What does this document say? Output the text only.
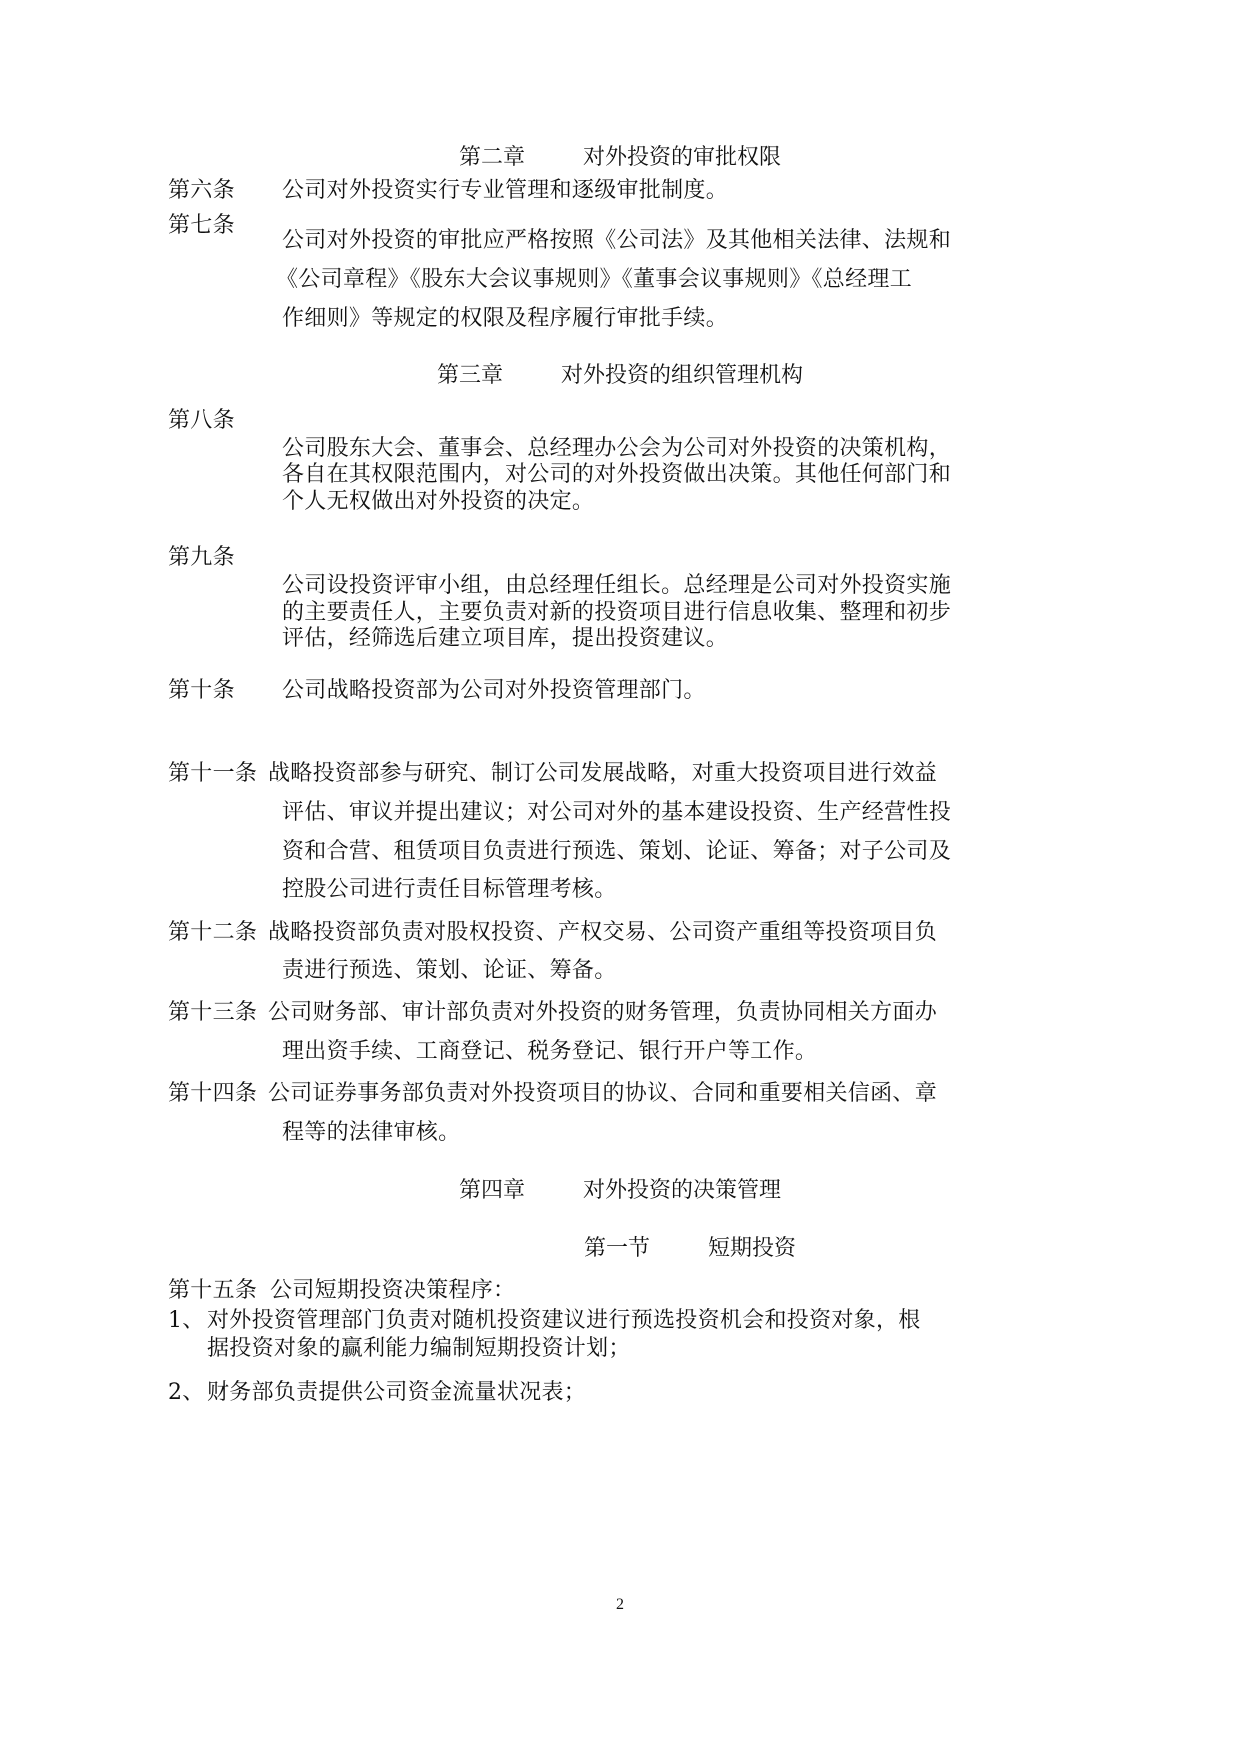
第二章	对外投资的审批权限
第六条 公司对外投资实行专业管理和逐级审批制度。
第七条
公司对外投资的审批应严格按照《公司法》及其他相关法律、法规和
《公司章程》《股东大会议事规则》《董事会议事规则》《总经理工
作细则》等规定的权限及程序履行审批手续。
第三章	对外投资的组织管理机构
第八条
公司股东大会、董事会、总经理办公会为公司对外投资的决策机构，
各自在其权限范围内，对公司的对外投资做出决策。其他任何部门和
个人无权做出对外投资的决定。
第九条
公司设投资评审小组，由总经理任组长。总经理是公司对外投资实施
的主要责任人，主要负责对新的投资项目进行信息收集、整理和初步
评估，经筛选后建立项目库，提出投资建议。
第十条 公司战略投资部为公司对外投资管理部门。
第十一条 战略投资部参与研究、制订公司发展战略，对重大投资项目进行效益
评估、审议并提出建议；对公司对外的基本建设投资、生产经营性投
资和合营、租赁项目负责进行预选、策划、论证、筹备；对子公司及
控股公司进行责任目标管理考核。
第十二条 战略投资部负责对股权投资、产权交易、公司资产重组等投资项目负
责进行预选、策划、论证、筹备。
第十三条 公司财务部、审计部负责对外投资的财务管理，负责协同相关方面办
理出资手续、工商登记、税务登记、银行开户等工作。
第十四条 公司证券事务部负责对外投资项目的协议、合同和重要相关信函、章
程等的法律审核。
第四章	对外投资的决策管理
第一节	短期投资
第十五条 公司短期投资决策程序：
1、 对外投资管理部门负责对随机投资建议进行预选投资机会和投资对象，根
据投资对象的赢利能力编制短期投资计划；
2、 财务部负责提供公司资金流量状况表；
2
